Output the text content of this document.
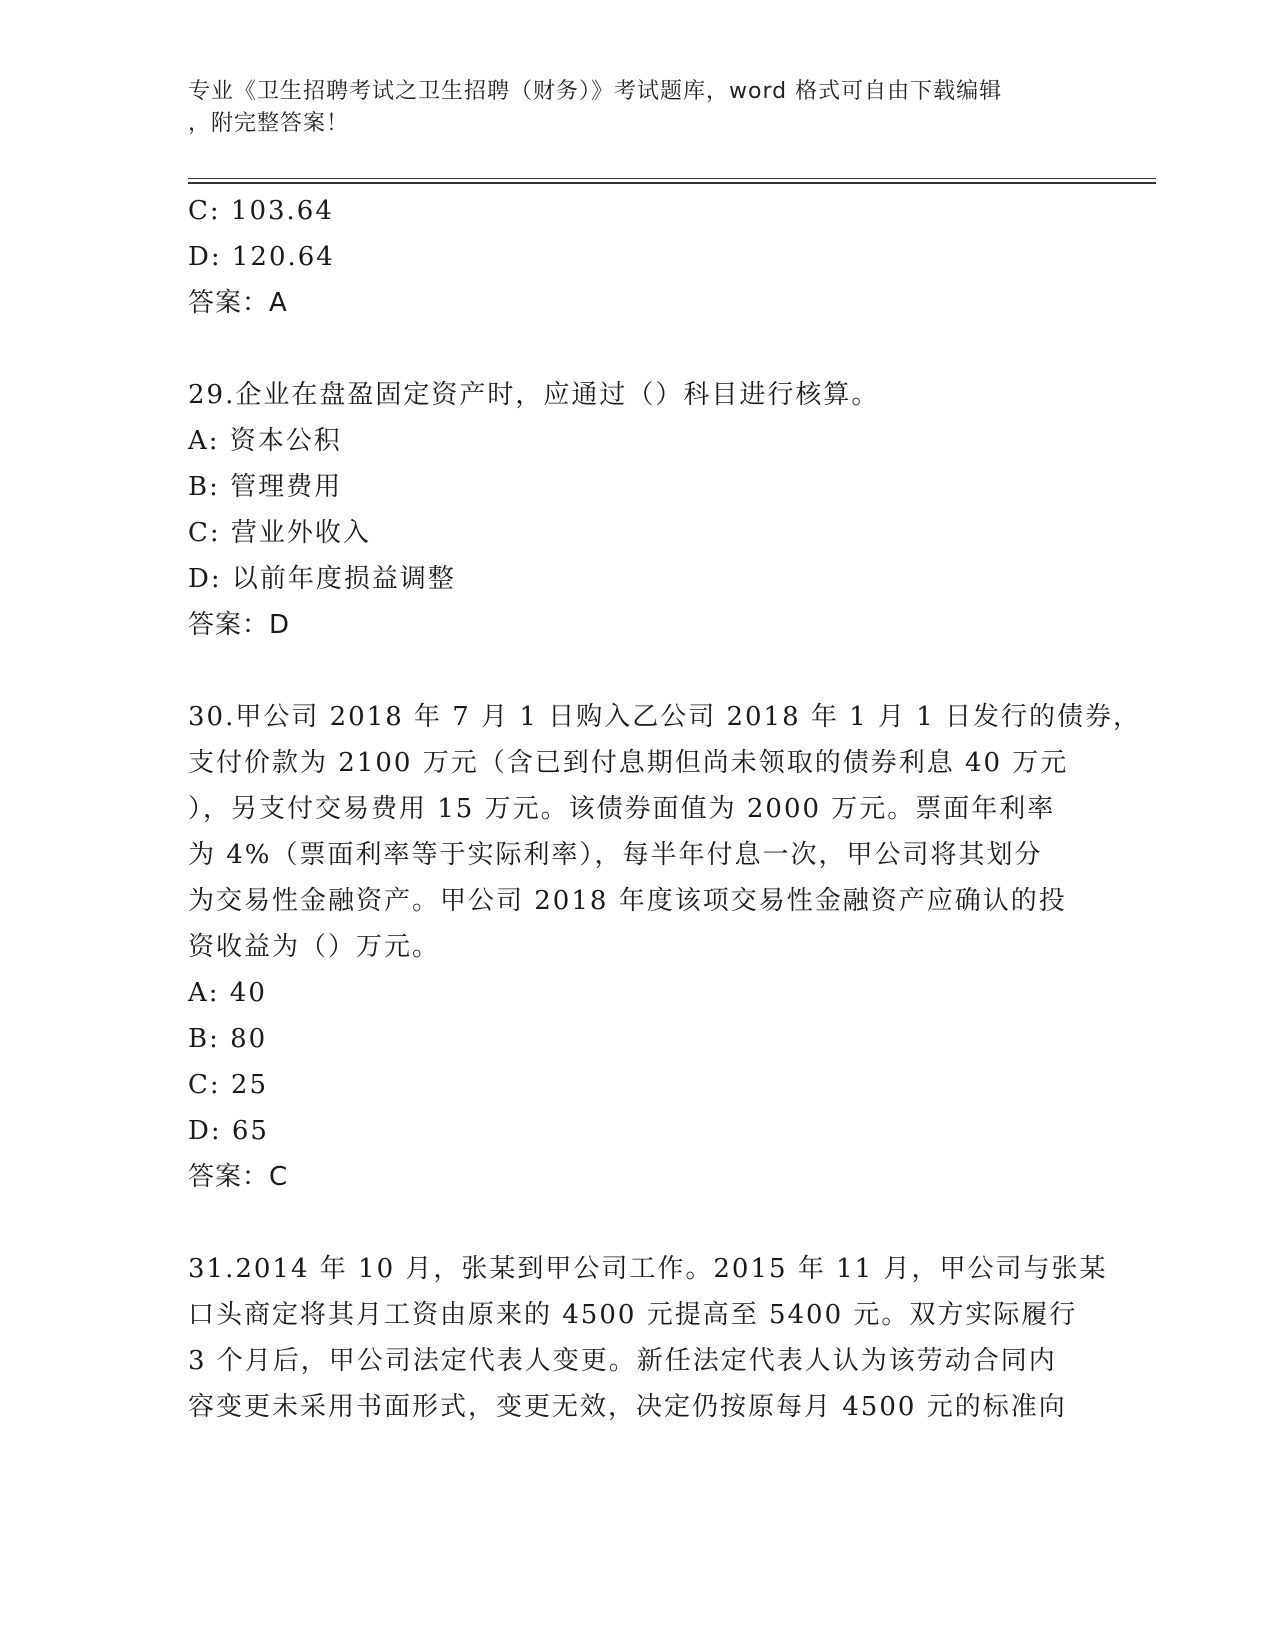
专业《卫生招聘考试之卫生招聘（财务）》考试题库，word 格式可自由下载编辑
，附完整答案！
C: 103.64
D: 120.64
答案：A
29.企业在盘盈固定资产时，应通过（）科目进行核算。
A: 资本公积
B: 管理费用
C: 营业外收入
D: 以前年度损益调整
答案：D
30.甲公司 2018 年 7 月 1 日购入乙公司 2018 年 1 月 1 日发行的债券，
支付价款为 2100 万元（含已到付息期但尚未领取的债券利息 40 万元
），另支付交易费用 15 万元。该债券面值为 2000 万元。票面年利率
为 4%（票面利率等于实际利率），每半年付息一次，甲公司将其划分
为交易性金融资产。甲公司 2018 年度该项交易性金融资产应确认的投
资收益为（）万元。
A: 40
B: 80
C: 25
D: 65
答案：C
31.2014 年 10 月，张某到甲公司工作。2015 年 11 月，甲公司与张某
口头商定将其月工资由原来的 4500 元提高至 5400 元。双方实际履行
3 个月后，甲公司法定代表人变更。新任法定代表人认为该劳动合同内
容变更未采用书面形式，变更无效，决定仍按原每月 4500 元的标准向
